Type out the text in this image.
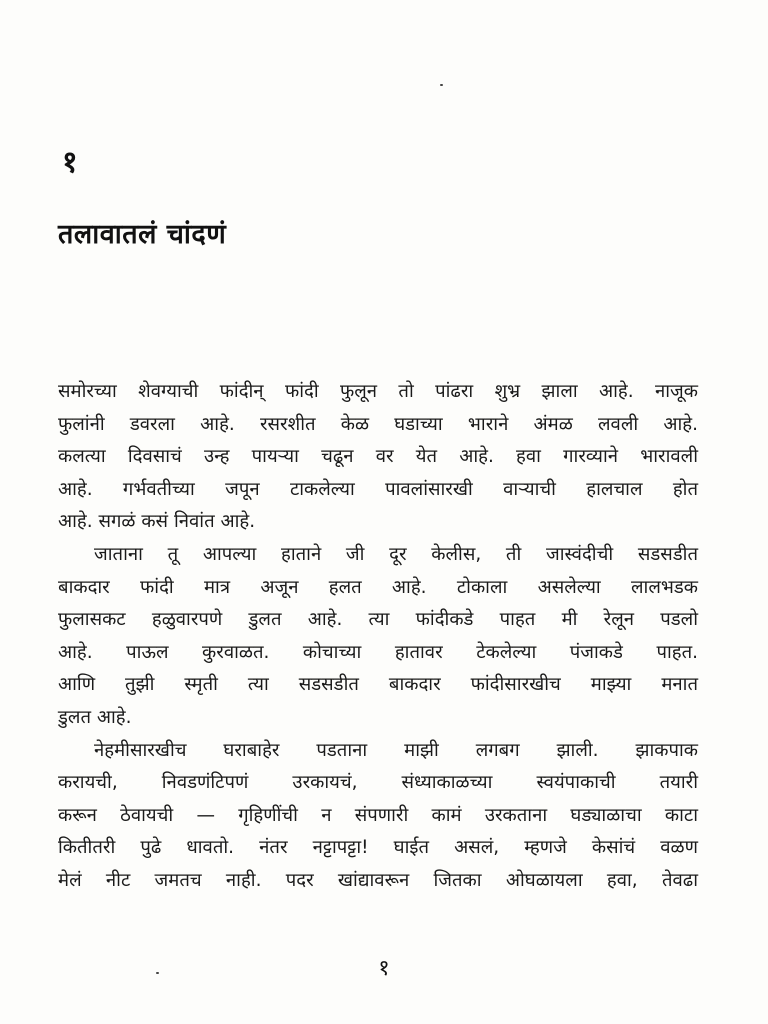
१
तलावातलं चांदणं
समोरच्या शेवग्याची फांदीन् फांदी फुलून तो पांढरा शुभ्र झाला आहे. नाजूक
फुलांनी डवरला आहे. रसरशीत केळ घडाच्या भाराने अंमळ लवली आहे.
कलत्या दिवसाचं उन्ह पायऱ्या चढून वर येत आहे. हवा गारव्याने भारावली
आहे. गर्भवतीच्या जपून टाकलेल्या पावलांसारखी वाऱ्याची हालचाल होत
आहे. सगळं कसं निवांत आहे.
जाताना तू आपल्या हाताने जी दूर केलीस, ती जास्वंदीची सडसडीत
बाकदार फांदी मात्र अजून हलत आहे. टोकाला असलेल्या लालभडक
फुलासकट हळुवारपणे डुलत आहे. त्या फांदीकडे पाहत मी रेलून पडलो
आहे. पाऊल कुरवाळत. कोचाच्या हातावर टेकलेल्या पंजाकडे पाहत.
आणि तुझी स्मृती त्या सडसडीत बाकदार फांदीसारखीच माझ्या मनात
डुलत आहे.
नेहमीसारखीच घराबाहेर पडताना माझी लगबग झाली. झाकपाक
करायची, निवडणंटिपणं उरकायचं, संध्याकाळच्या स्वयंपाकाची तयारी
करून ठेवायची — गृहिणींची न संपणारी कामं उरकताना घड्याळाचा काटा
कितीतरी पुढे धावतो. नंतर नट्टापट्टा! घाईत असलं, म्हणजे केसांचं वळण
मेलं नीट जमतच नाही. पदर खांद्यावरून जितका ओघळायला हवा, तेवढा
१
